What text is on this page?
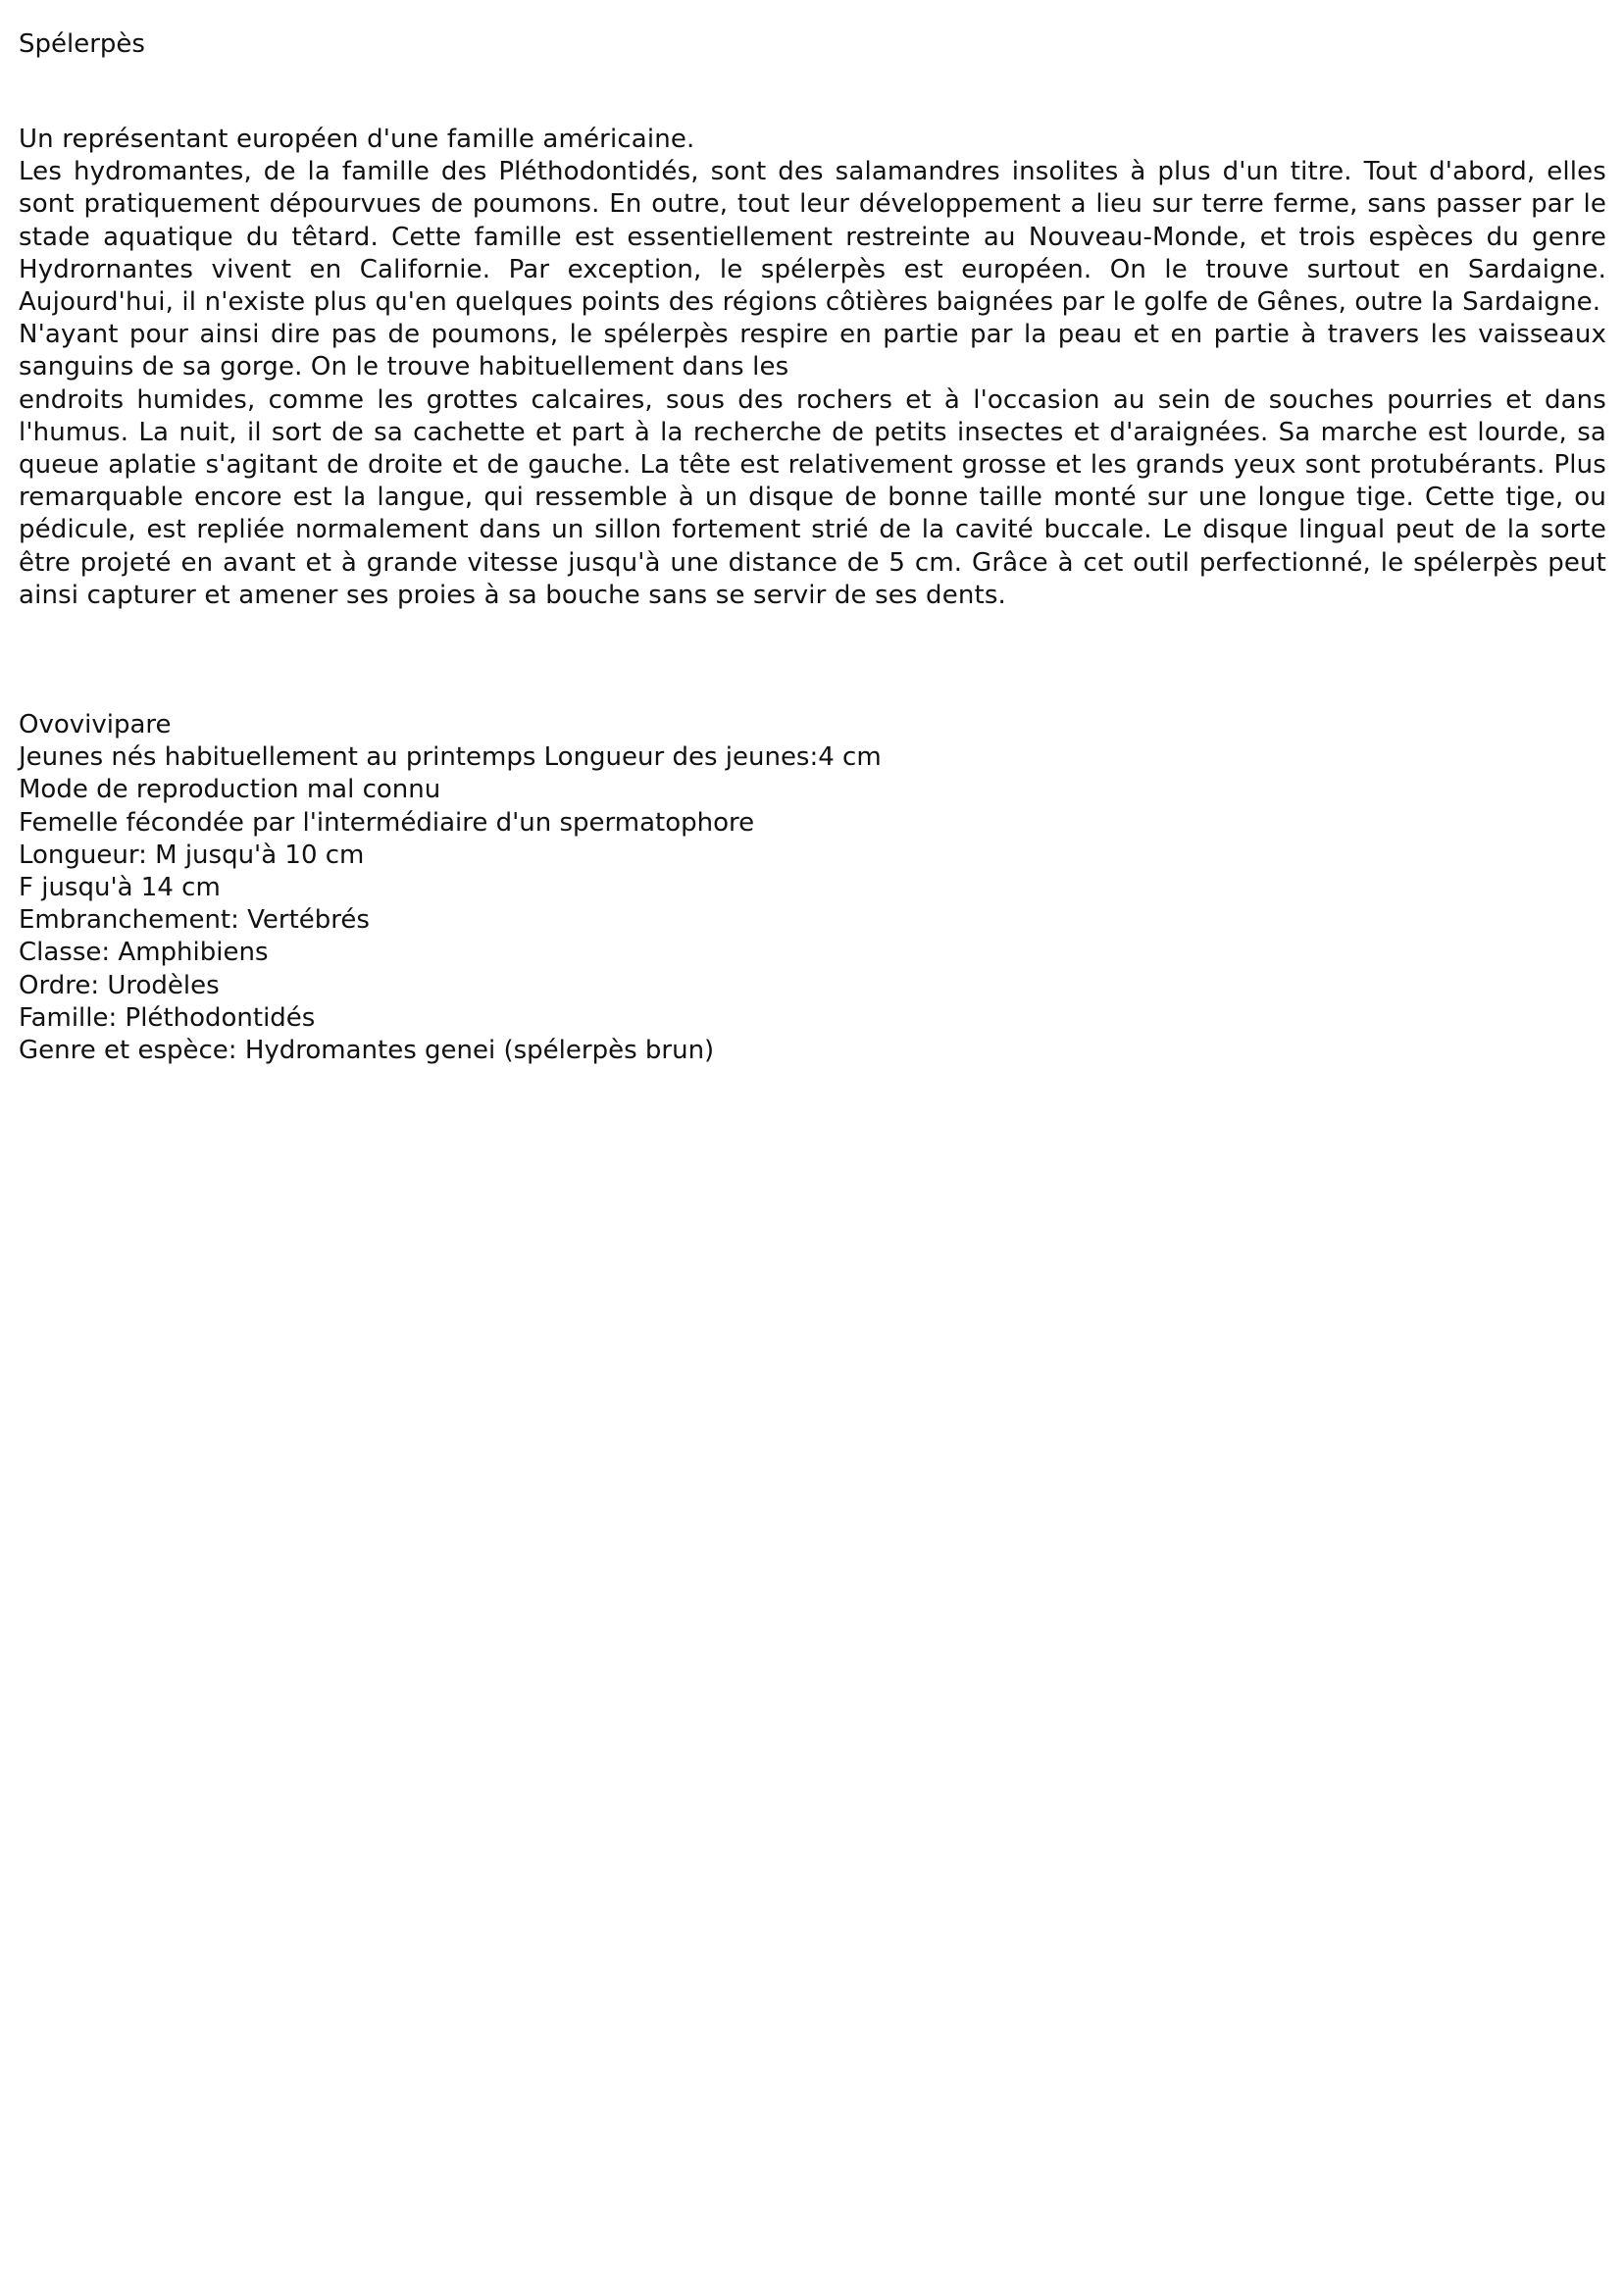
Spélerpès

Un représentant européen d'une famille américaine.

Les hydromantes, de la famille des Pléthodontidés, sont des salamandres insolites à plus d'un titre. Tout d'abord, elles sont pratiquement dépourvues de poumons. En outre, tout leur développement a lieu sur terre ferme, sans passer par le stade aquatique du têtard. Cette famille est essentiellement restreinte au Nouveau-Monde, et trois espèces du genre Hydrornantes vivent en Californie. Par exception, le spélerpès est européen. On le trouve surtout en Sardaigne. Aujourd'hui, il n'existe plus qu'en quelques points des régions côtières baignées par le golfe de Gênes, outre la Sardaigne.

N'ayant pour ainsi dire pas de poumons, le spélerpès respire en partie par la peau et en partie à travers les vaisseaux sanguins de sa gorge. On le trouve habituellement dans les

endroits humides, comme les grottes calcaires, sous des rochers et à l'occasion au sein de souches pourries et dans l'humus. La nuit, il sort de sa cachette et part à la recherche de petits insectes et d'araignées. Sa marche est lourde, sa queue aplatie s'agitant de droite et de gauche. La tête est relativement grosse et les grands yeux sont protubérants. Plus remarquable encore est la langue, qui ressemble à un disque de bonne taille monté sur une longue tige. Cette tige, ou pédicule, est repliée normalement dans un sillon fortement strié de la cavité buccale. Le disque lingual peut de la sorte être projeté en avant et à grande vitesse jusqu'à une distance de 5 cm. Grâce à cet outil perfectionné, le spélerpès peut ainsi capturer et amener ses proies à sa bouche sans se servir de ses dents.

Ovovivipare
Jeunes nés habituellement au printemps Longueur des jeunes:4 cm
Mode de reproduction mal connu
Femelle fécondée par l'intermédiaire d'un spermatophore
Longueur: M jusqu'à 10 cm
F jusqu'à 14 cm
Embranchement: Vertébrés
Classe: Amphibiens
Ordre: Urodèles
Famille: Pléthodontidés
Genre et espèce: Hydromantes genei (spélerpès brun)
